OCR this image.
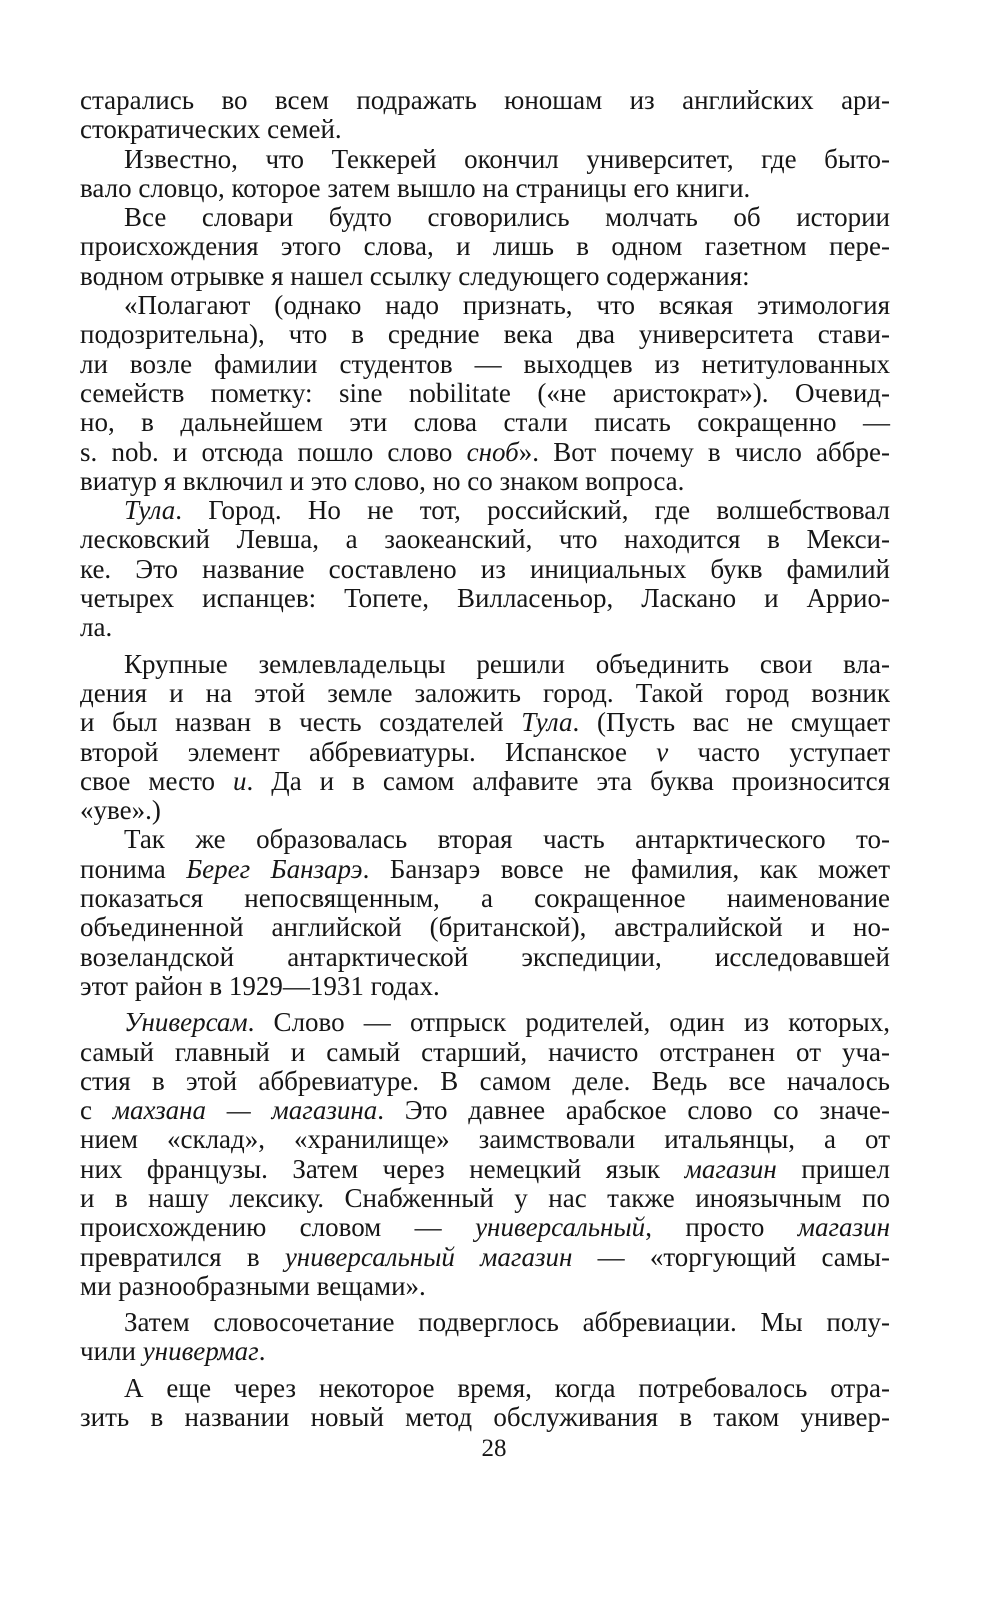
старались во всем подражать юношам из английских ари-
стократических семей.
Известно, что Теккерей окончил университет, где быто-
вало словцо, которое затем вышло на страницы его книги.
Все словари будто сговорились молчать об истории
происхождения этого слова, и лишь в одном газетном пере-
водном отрывке я нашел ссылку следующего содержания:
«Полагают (однако надо признать, что всякая этимология
подозрительна), что в средние века два университета стави-
ли возле фамилии студентов — выходцев из нетитулованных
семейств пометку: sine nobilitate («не аристократ»). Очевид-
но, в дальнейшем эти слова стали писать сокращенно —
s. nob. и отсюда пошло слово сноб». Вот почему в число аббре-
виатур я включил и это слово, но со знаком вопроса.
Тула. Город. Но не тот, российский, где волшебствовал
лесковский Левша, а заокеанский, что находится в Мекси-
ке. Это название составлено из инициальных букв фамилий
четырех испанцев: Топете, Вилласеньор, Ласкано и Аррио-
ла.
Крупные землевладельцы решили объединить свои вла-
дения и на этой земле заложить город. Такой город возник
и был назван в честь создателей Тула. (Пусть вас не смущает
второй элемент аббревиатуры. Испанское v часто уступает
свое место и. Да и в самом алфавите эта буква произносится
«уве».)
Так же образовалась вторая часть антарктического то-
понима Берег Банзарэ. Банзарэ вовсе не фамилия, как может
показаться непосвященным, а сокращенное наименование
объединенной английской (британской), австралийской и но-
возеландской антарктической экспедиции, исследовавшей
этот район в 1929—1931 годах.
Универсам. Слово — отпрыск родителей, один из которых,
самый главный и самый старший, начисто отстранен от уча-
стия в этой аббревиатуре. В самом деле. Ведь все началось
с махзана — магазина. Это давнее арабское слово со значе-
нием «склад», «хранилище» заимствовали итальянцы, а от
них французы. Затем через немецкий язык магазин пришел
и в нашу лексику. Снабженный у нас также иноязычным по
происхождению словом — универсальный, просто магазин
превратился в универсальный магазин — «торгующий самы-
ми разнообразными вещами».
Затем словосочетание подверглось аббревиации. Мы полу-
чили универмаг.
А еще через некоторое время, когда потребовалось отра-
зить в названии новый метод обслуживания в таком универ-
28
